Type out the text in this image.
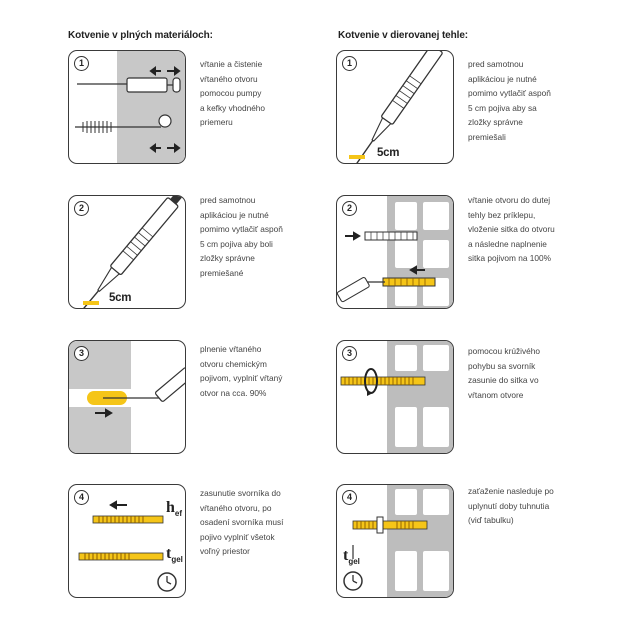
Kotvenie v plných materiáloch:	Kotvenie v dierovanej tehle:
1	vŕtanie a čistenie
vŕtaného otvoru
pomocou pumpy
a kefky vhodného
priemeru
2
5cm
pred samotnou
aplikáciou je nutné
pomimo vytlačiť aspoň
5 cm pojiva aby boli
zložky správne
premiešané
3	plnenie vŕtaného
otvoru chemickým
pojivom, vyplniť vŕtaný
otvor na cca. 90%
4
$h_{ef}$
$t_{gel}$
zasunutie svorníka do
vŕtaného otvoru, po
osadení svorníka musí
pojivo vyplniť všetok
voľný priestor
1
5cm
pred samotnou
aplikáciou je nutné
pomimo vytlačiť aspoň
5 cm pojiva aby sa
zložky správne
premiešali
2
vŕtanie otvoru do dutej
tehly bez príklepu,
vloženie sitka do otvoru
a následne naplnenie
sitka pojivom na 100%
3	pomocou krúživého
pohybu sa svorník
zasunie do sitka vo
vŕtanom otvore
4
$t_{gel}$
zaťaženie nasleduje po
uplynutí doby tuhnutia
(viď tabulku)
